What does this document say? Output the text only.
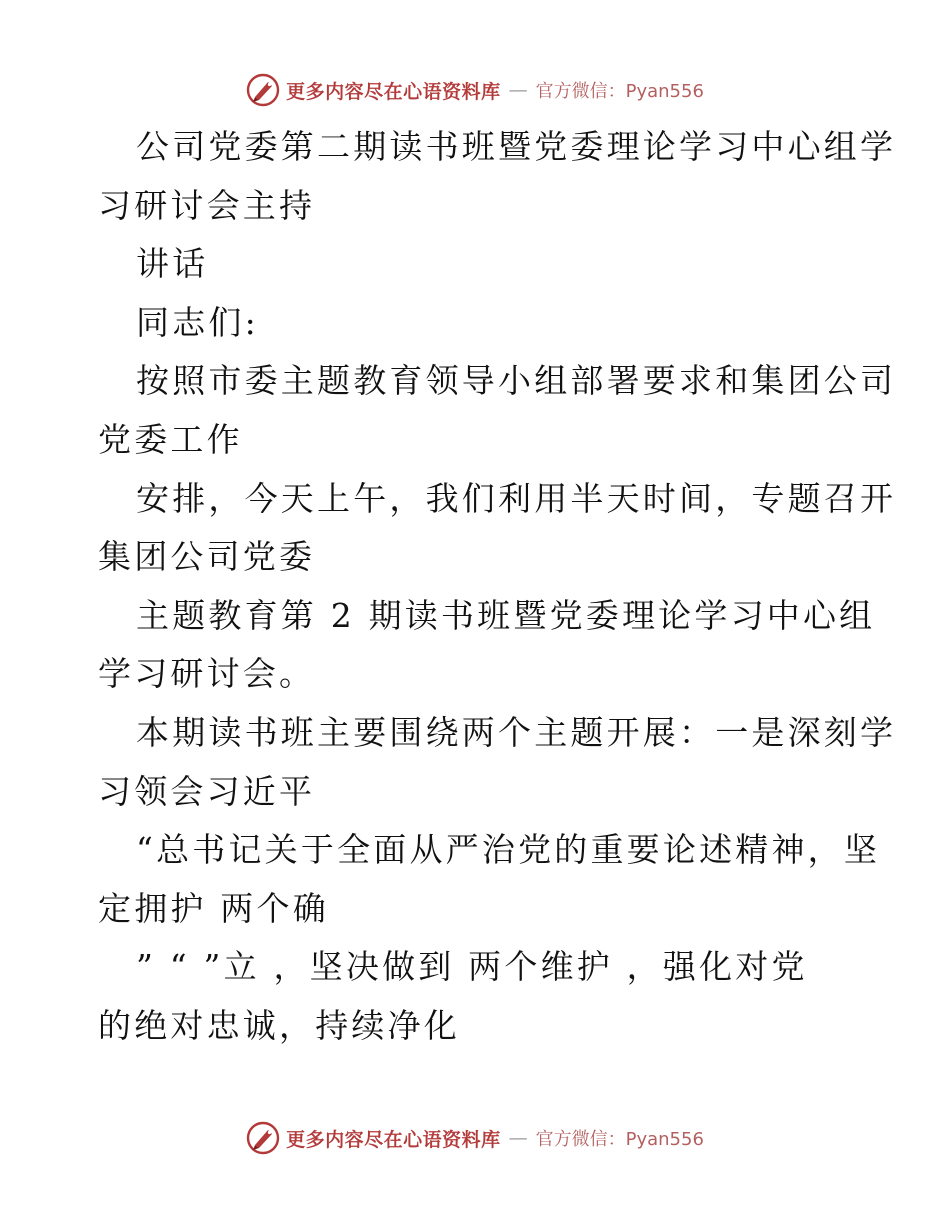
更多内容尽在心语资料库 — 官方微信：Pyan556
公司党委第二期读书班暨党委理论学习中心组学
习研讨会主持
讲话
同志们:
按照市委主题教育领导小组部署要求和集团公司
党委工作
安排，今天上午，我们利用半天时间，专题召开
集团公司党委
主题教育第 2 期读书班暨党委理论学习中心组
学习研讨会。
本期读书班主要围绕两个主题开展：一是深刻学
习领会习近平
“总书记关于全面从严治党的重要论述精神，坚
定拥护 两个确
” “ ”立 ，坚决做到 两个维护 ，强化对党
的绝对忠诚，持续净化
更多内容尽在心语资料库 — 官方微信：Pyan556
